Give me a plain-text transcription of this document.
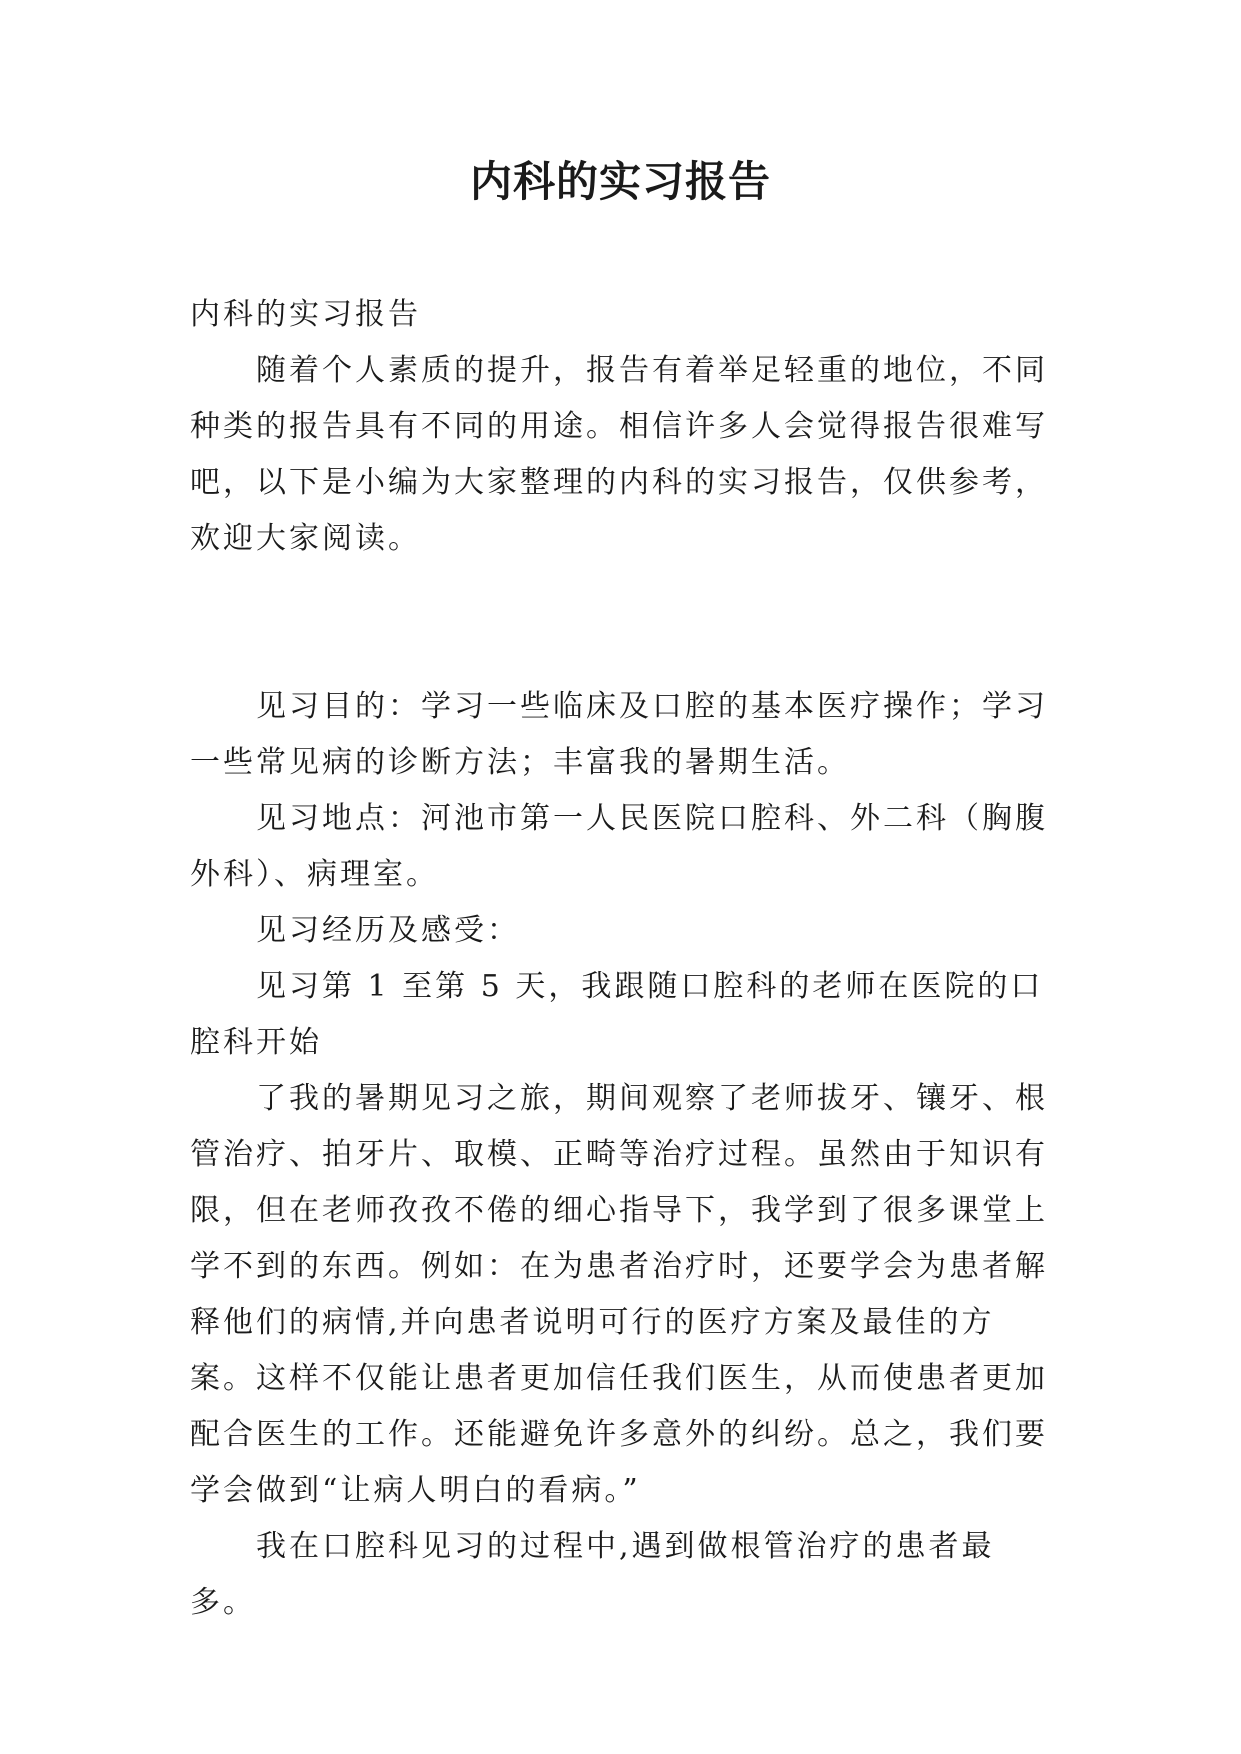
内科的实习报告

内科的实习报告

随着个人素质的提升，报告有着举足轻重的地位，不同种类的报告具有不同的用途。相信许多人会觉得报告很难写吧，以下是小编为大家整理的内科的实习报告，仅供参考，欢迎大家阅读。

见习目的：学习一些临床及口腔的基本医疗操作；学习一些常见病的诊断方法；丰富我的暑期生活。

见习地点：河池市第一人民医院口腔科、外二科（胸腹外科）、病理室。

见习经历及感受：

见习第 1 至第 5 天，我跟随口腔科的老师在医院的口腔科开始

了我的暑期见习之旅，期间观察了老师拔牙、镶牙、根管治疗、拍牙片、取模、正畸等治疗过程。虽然由于知识有限，但在老师孜孜不倦的细心指导下，我学到了很多课堂上学不到的东西。例如：在为患者治疗时，还要学会为患者解释他们的病情,并向患者说明可行的医疗方案及最佳的方案。这样不仅能让患者更加信任我们医生，从而使患者更加配合医生的工作。还能避免许多意外的纠纷。总之，我们要学会做到“让病人明白的看病。”

我在口腔科见习的过程中,遇到做根管治疗的患者最多。
